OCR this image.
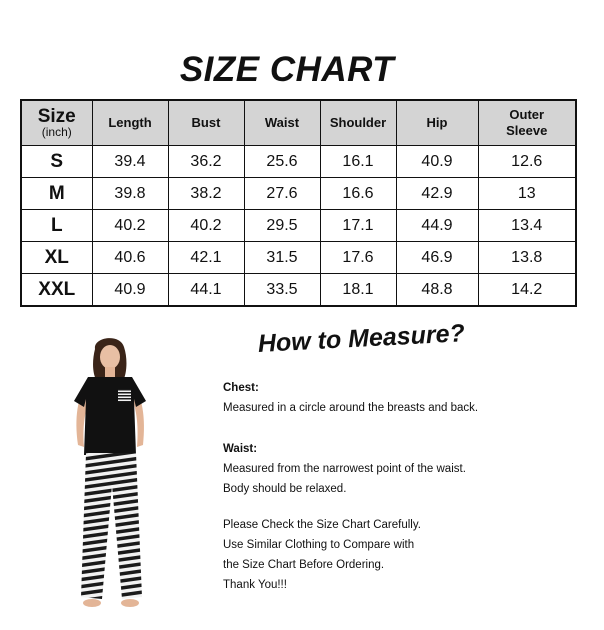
SIZE CHART
Size
(inch)	Length	Bust	Waist	Shoulder	Hip	Outer
Sleeve
S	39.4	36.2	25.6	16.1	40.9	12.6
M	39.8	38.2	27.6	16.6	42.9	13
L	40.2	40.2	29.5	17.1	44.9	13.4
XL	40.6	42.1	31.5	17.6	46.9	13.8
XXL	40.9	44.1	33.5	18.1	48.8	14.2
How to Measure?
Chest:
Measured in a circle around the breasts and back.
Waist:
Measured from the narrowest point of the waist.
Body should be relaxed.
Please Check the Size Chart Carefully.
Use Similar Clothing to Compare with
the Size Chart Before Ordering.
Thank You!!!
